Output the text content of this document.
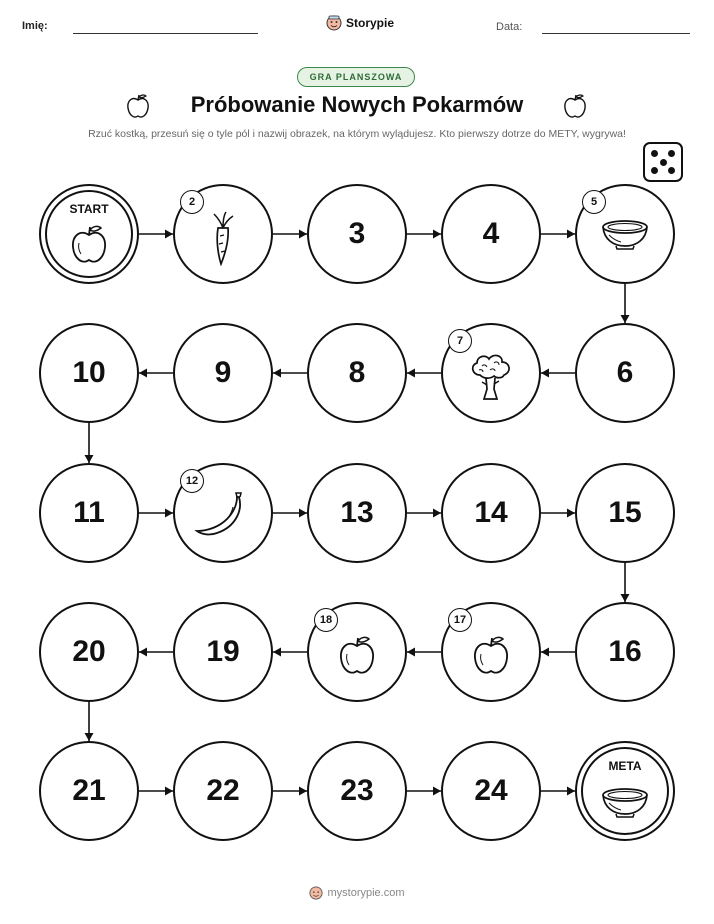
Imię:	Storypie	Data:
GRA PLANSZOWA
Próbowanie Nowych Pokarmów
Rzuć kostką, przesuń się o tyle pól i nazwij obrazek, na którym wylądujesz. Kto pierwszy dotrze do METY, wygrywa!
START	2
3	4
5
6
7
8
9
10
11
12
13	14	15
16
17
18
19
20
21	22	23	24
META
mystorypie.com
